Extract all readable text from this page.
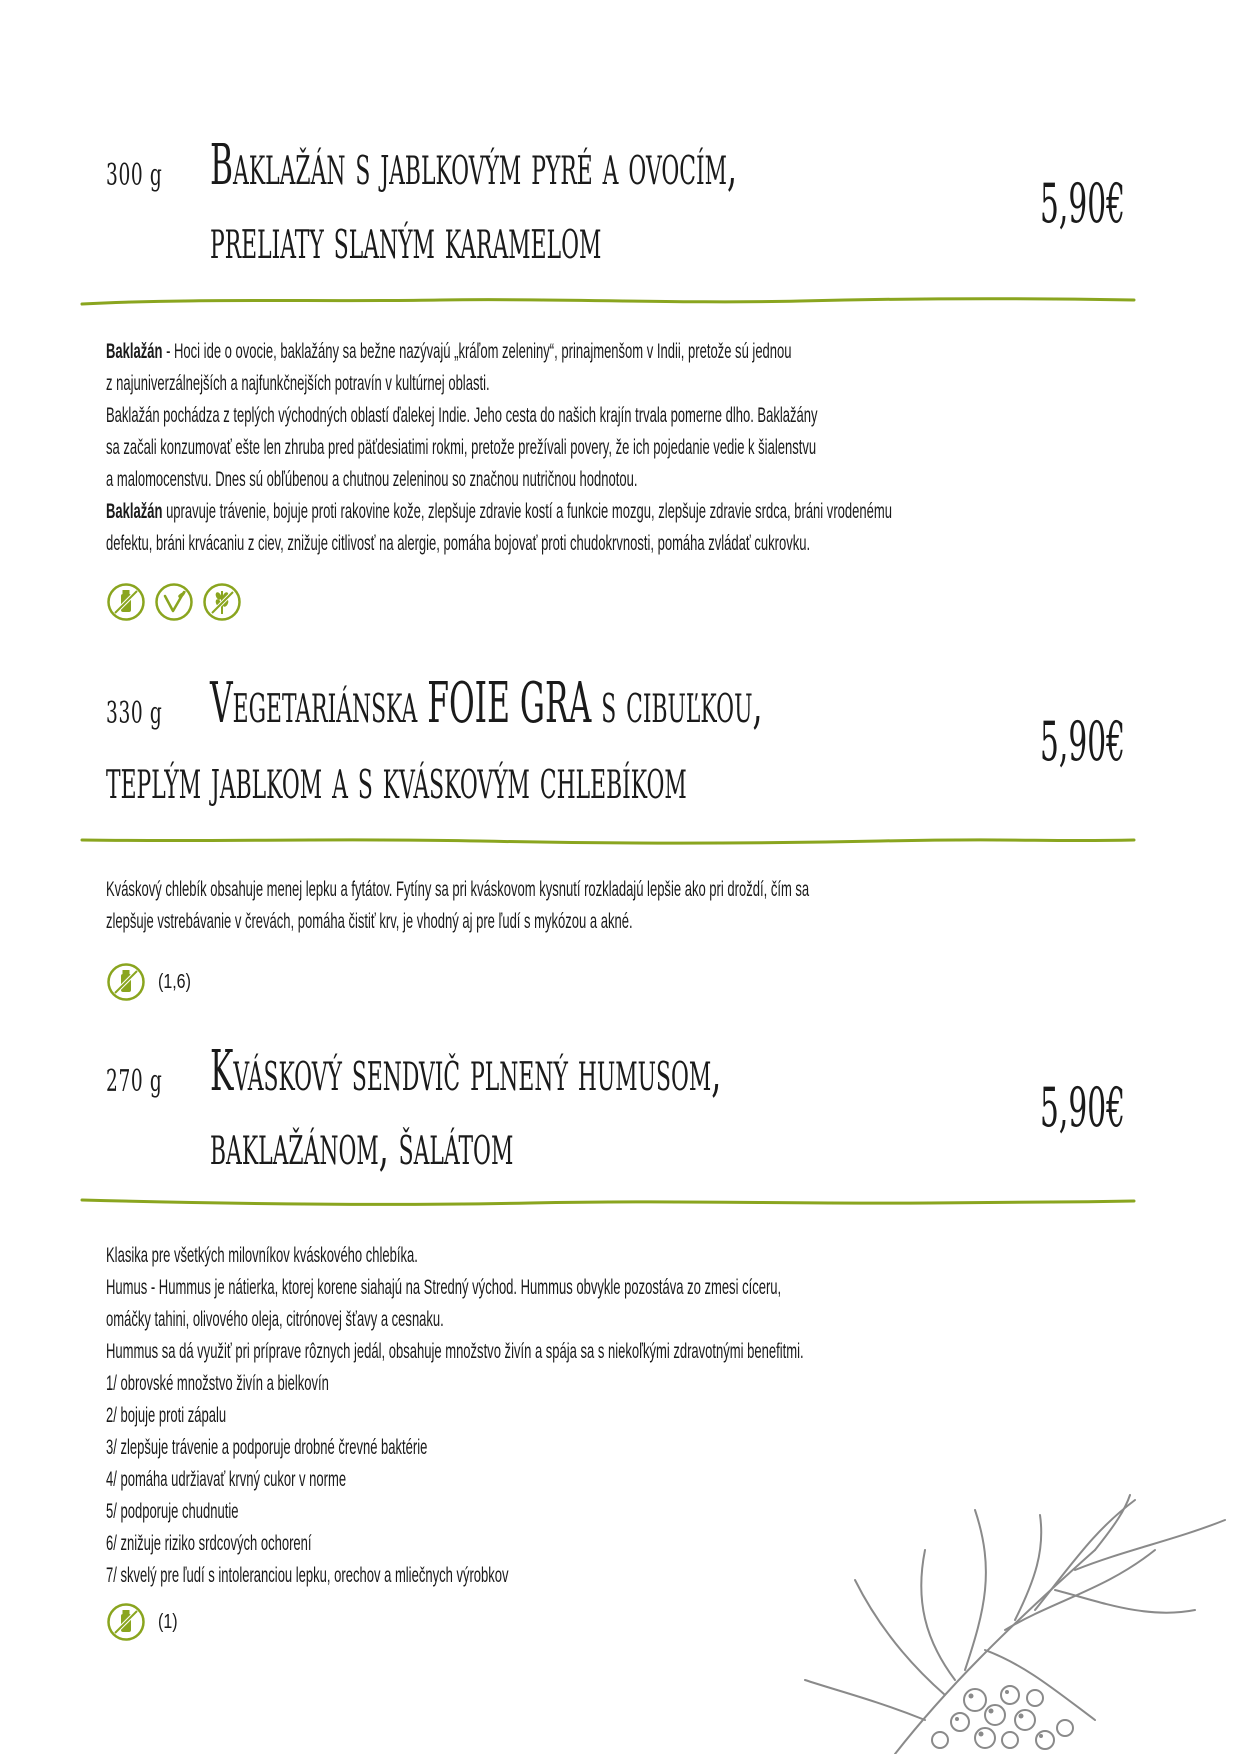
300 g Baklažán s jablkovým pyré a ovocím,
preliaty slaným karamelom
5,90€

Baklažán - Hoci ide o ovocie, baklažány sa bežne nazývajú „kráľom zeleniny“, prinajmenšom v Indii, pretože sú jednou

z najuniverzálnejších a najfunkčnejších potravín v kultúrnej oblasti.

Baklažán pochádza z teplých východných oblastí ďalekej Indie. Jeho cesta do našich krajín trvala pomerne dlho. Baklažány

sa začali konzumovať ešte len zhruba pred päťdesiatimi rokmi, pretože prežívali povery, že ich pojedanie vedie k šialenstvu

a malomocenstvu. Dnes sú obľúbenou a chutnou zeleninou so značnou nutričnou hodnotou.

Baklažán upravuje trávenie, bojuje proti rakovine kože, zlepšuje zdravie kostí a funkcie mozgu, zlepšuje zdravie srdca, bráni vrodenému

defektu, bráni krvácaniu z ciev, znižuje citlivosť na alergie, pomáha bojovať proti chudokrvnosti, pomáha zvládať cukrovku.

330 g Vegetariánska FOIE GRA s cibuľkou,
teplým jablkom a s kváskovým chlebíkom
5,90€

Kváskový chlebík obsahuje menej lepku a fytátov. Fytíny sa pri kváskovom kysnutí rozkladajú lepšie ako pri droždí, čím sa

zlepšuje vstrebávanie v črevách, pomáha čistiť krv, je vhodný aj pre ľudí s mykózou a akné.

(1,6)
270 g Kváskový sendvič plnený humusom,
baklažánom, šalátom
5,90€

Klasika pre všetkých milovníkov kváskového chlebíka.

Humus - Hummus je nátierka, ktorej korene siahajú na Stredný východ. Hummus obvykle pozostáva zo zmesi cíceru,

omáčky tahini, olivového oleja, citrónovej šťavy a cesnaku.

Hummus sa dá využiť pri príprave rôznych jedál, obsahuje množstvo živín a spája sa s niekoľkými zdravotnými benefitmi.

1/ obrovské množstvo živín a bielkovín

2/ bojuje proti zápalu

3/ zlepšuje trávenie a podporuje drobné črevné baktérie

4/ pomáha udržiavať krvný cukor v norme

5/ podporuje chudnutie

6/ znižuje riziko srdcových ochorení

7/ skvelý pre ľudí s intoleranciou lepku, orechov a mliečnych výrobkov

(1)
